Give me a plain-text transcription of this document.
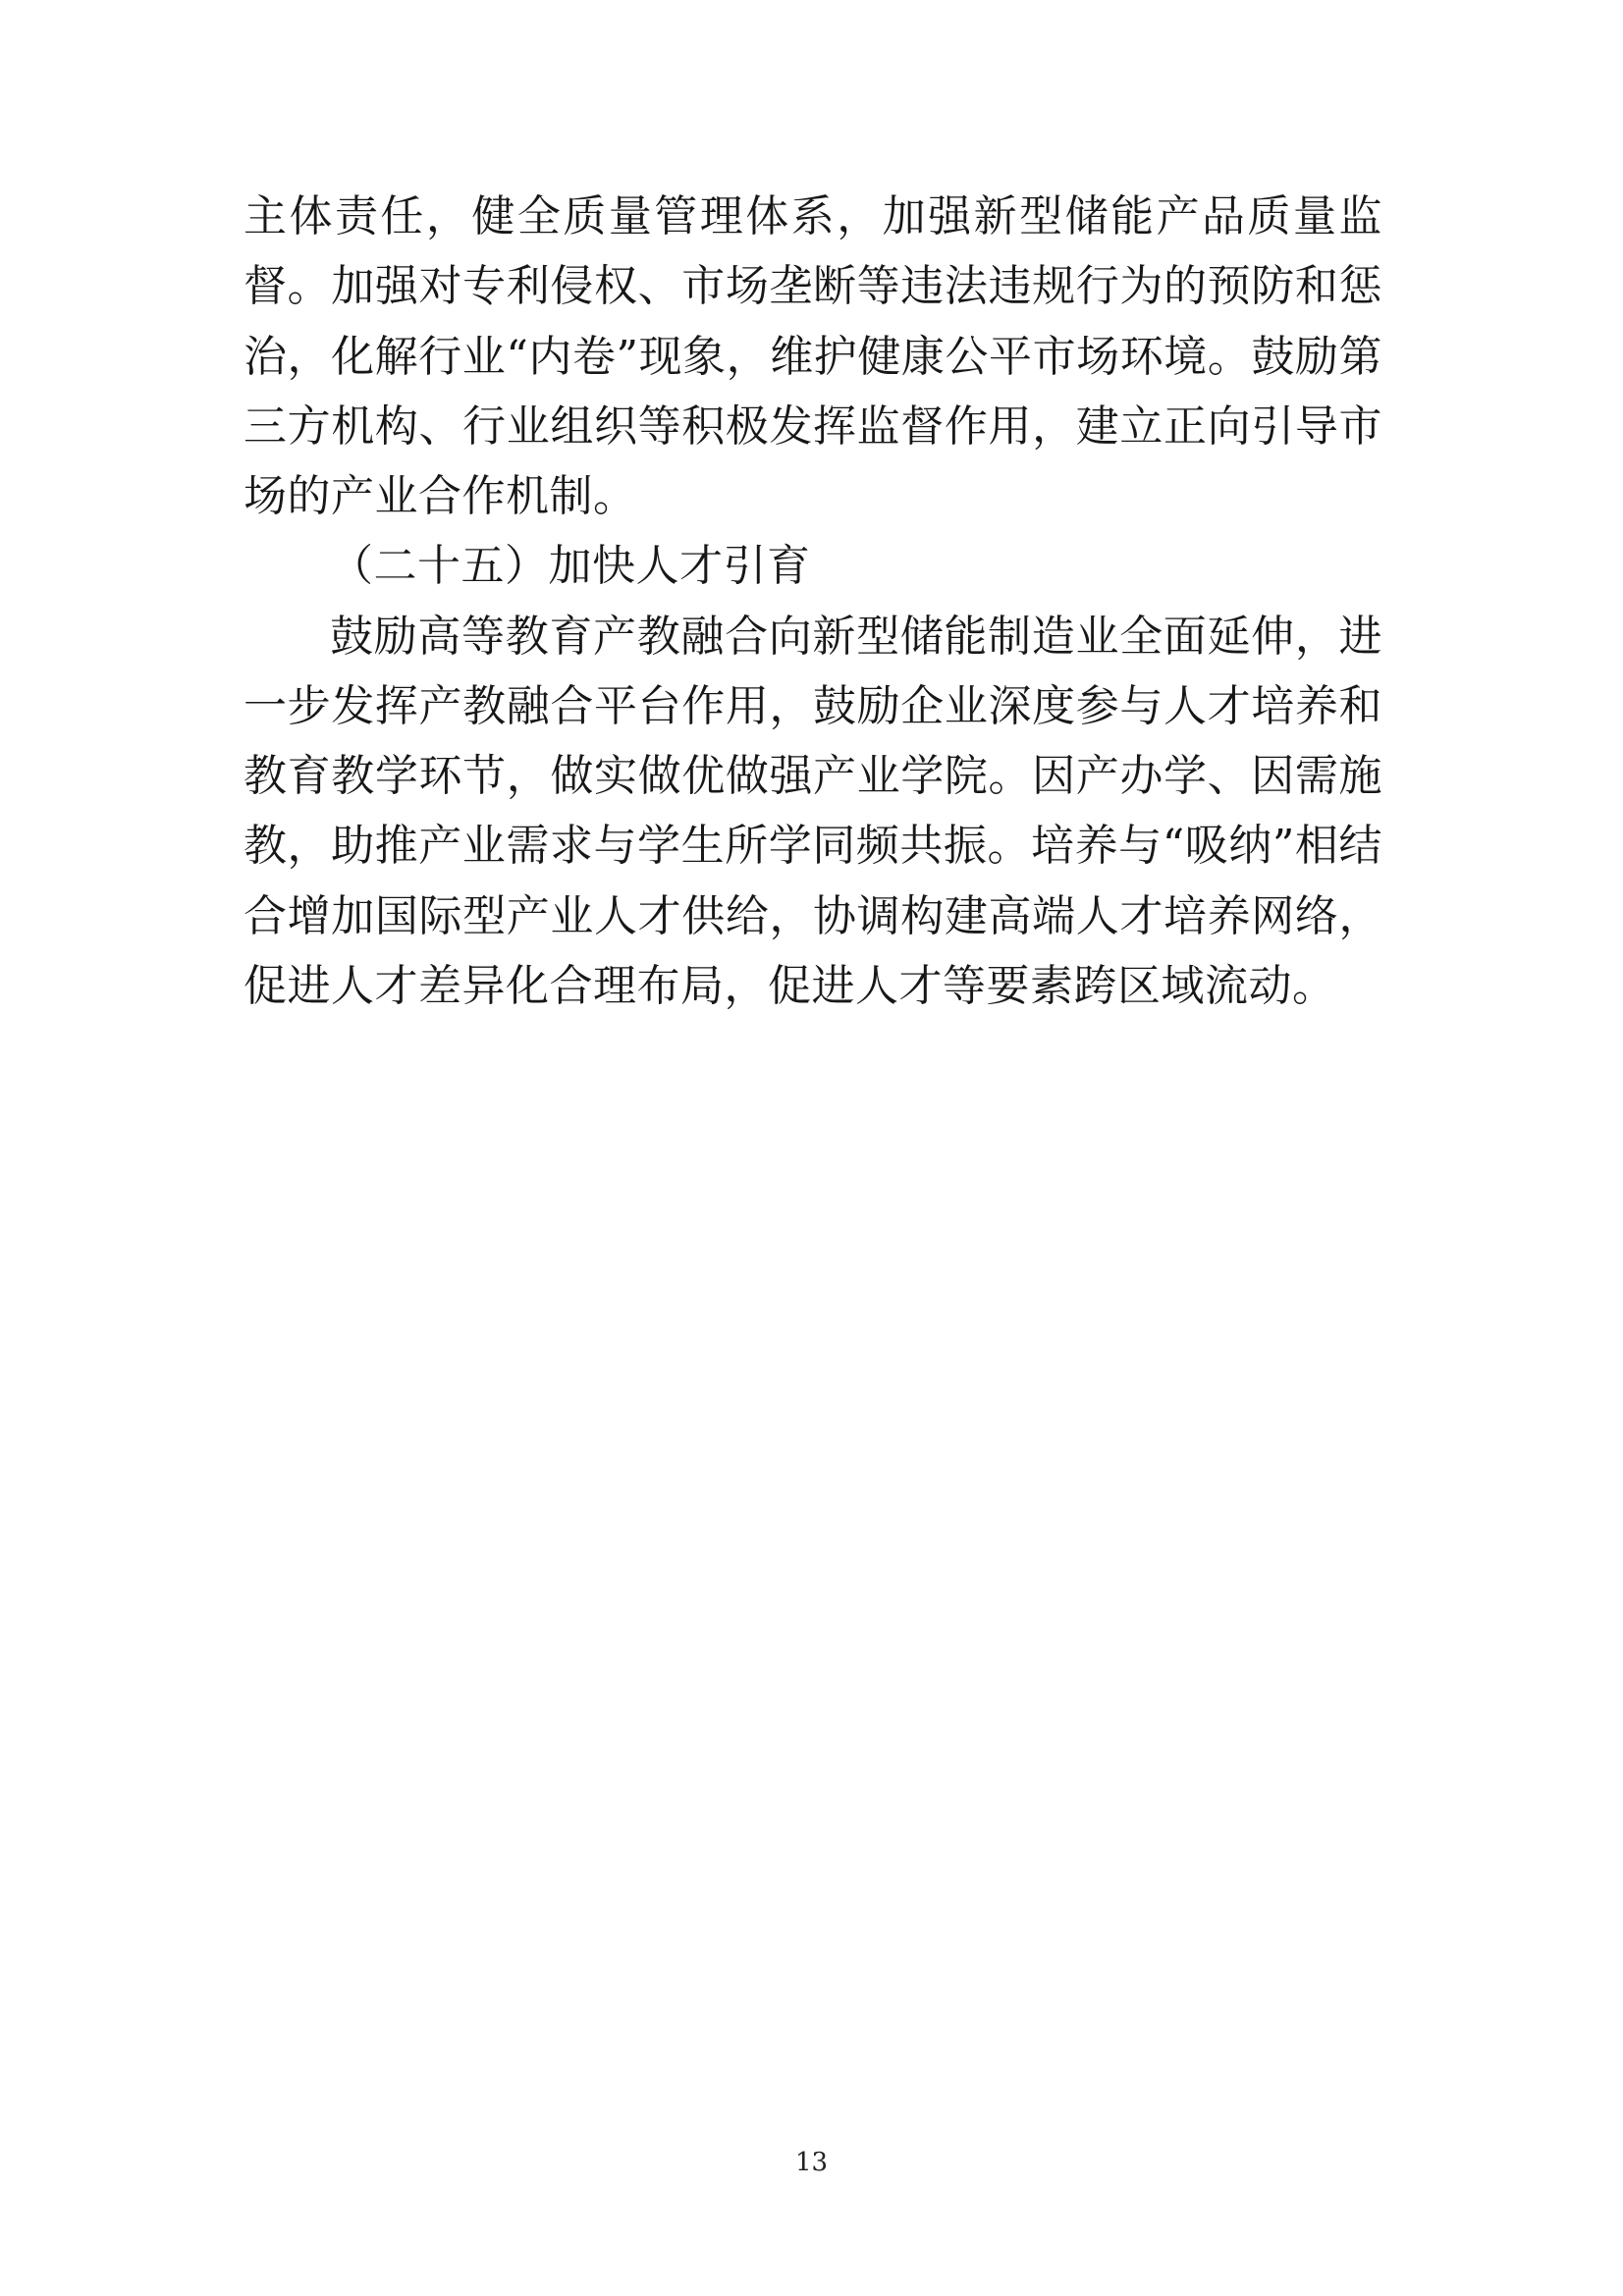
主体责任，健全质量管理体系，加强新型储能产品质量监督。加强对专利侵权、市场垄断等违法违规行为的预防和惩治，化解行业“内卷”现象，维护健康公平市场环境。鼓励第三方机构、行业组织等积极发挥监督作用，建立正向引导市场的产业合作机制。

（二十五）加快人才引育

鼓励高等教育产教融合向新型储能制造业全面延伸，进一步发挥产教融合平台作用，鼓励企业深度参与人才培养和教育教学环节，做实做优做强产业学院。因产办学、因需施教，助推产业需求与学生所学同频共振。培养与“吸纳”相结合增加国际型产业人才供给，协调构建高端人才培养网络，促进人才差异化合理布局，促进人才等要素跨区域流动。

13
